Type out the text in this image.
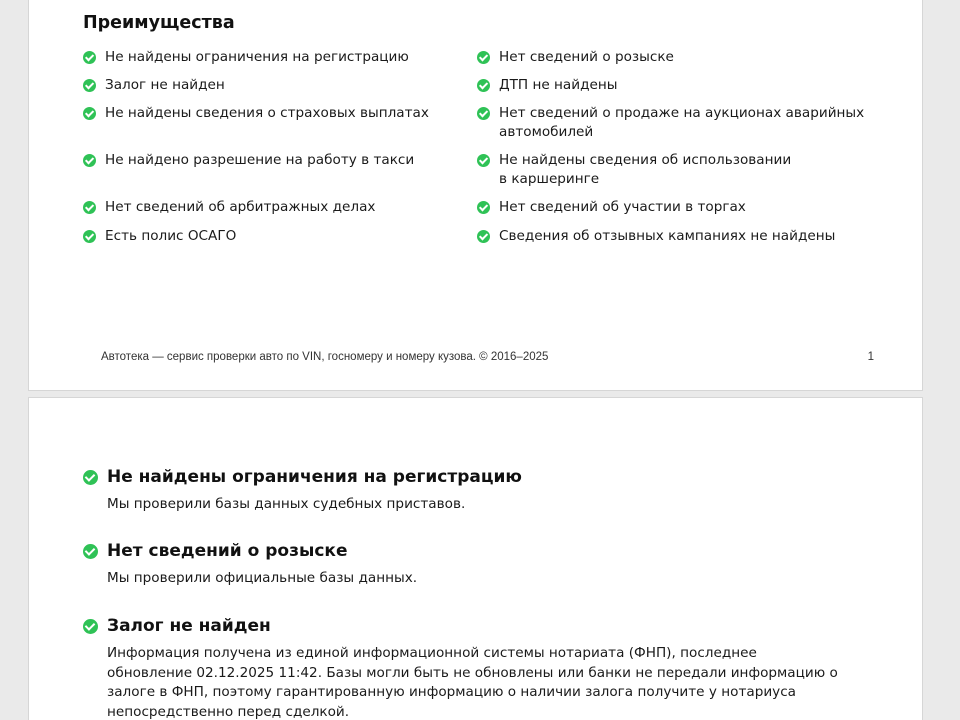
Преимущества
Не найдены ограничения на регистрацию
Залог не найден
Не найдены сведения о страховых выплатах
Не найдено разрешение на работу в такси
Нет сведений об арбитражных делах
Есть полис ОСАГО
Нет сведений о розыске
ДТП не найдены
Нет сведений о продаже на аукционах аварийных
автомобилей
Не найдены сведения об использовании
в каршеринге
Нет сведений об участии в торгах
Сведения об отзывных кампаниях не найдены
Автотека — сервис проверки авто по VIN, госномеру и номеру кузова. © 2016–2025	1
Не найдены ограничения на регистрацию
Мы проверили базы данных судебных приставов.
Нет сведений о розыске
Мы проверили официальные базы данных.
Залог не найден
Информация получена из единой информационной системы нотариата (ФНП), последнее
обновление 02.12.2025 11:42. Базы могли быть не обновлены или банки не передали информацию о
залоге в ФНП, поэтому гарантированную информацию о наличии залога получите у нотариуса
непосредственно перед сделкой.
